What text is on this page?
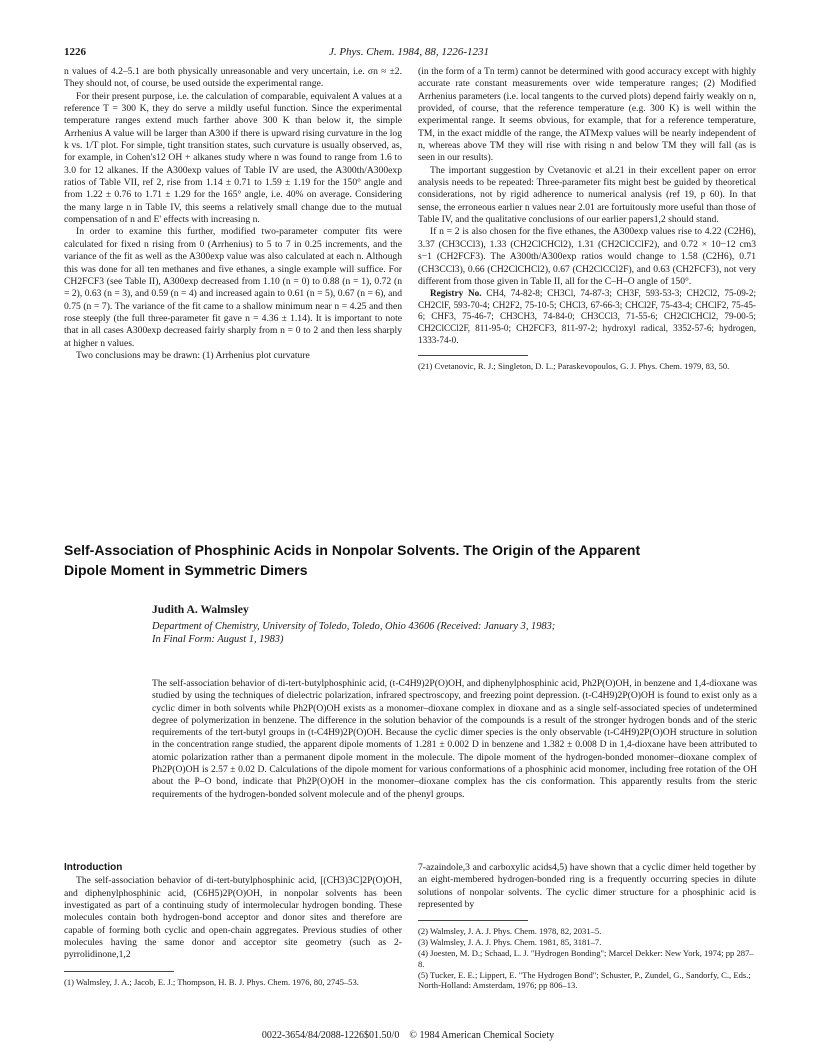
1226	J. Phys. Chem. 1984, 88, 1226-1231

n values of 4.2–5.1 are both physically unreasonable and very uncertain, i.e. σn ≈ ±2. They should not, of course, be used outside the experimental range.

For their present purpose, i.e. the calculation of comparable, equivalent A values at a reference T = 300 K, they do serve a mildly useful function. Since the experimental temperature ranges extend much farther above 300 K than below it, the simple Arrhenius A value will be larger than A300 if there is upward rising curvature in the log k vs. 1/T plot. For simple, tight transition states, such curvature is usually observed, as, for example, in Cohen's12 OH + alkanes study where n was found to range from 1.6 to 3.0 for 12 alkanes. If the A300exp values of Table IV are used, the A300th/A300exp ratios of Table VII, ref 2, rise from 1.14 ± 0.71 to 1.59 ± 1.19 for the 150° angle and from 1.22 ± 0.76 to 1.71 ± 1.29 for the 165° angle, i.e. 40% on average. Considering the many large n in Table IV, this seems a relatively small change due to the mutual compensation of n and E' effects with increasing n.

In order to examine this further, modified two-parameter computer fits were calculated for fixed n rising from 0 (Arrhenius) to 5 to 7 in 0.25 increments, and the variance of the fit as well as the A300exp value was also calculated at each n. Although this was done for all ten methanes and five ethanes, a single example will suffice. For CH2FCF3 (see Table II), A300exp decreased from 1.10 (n = 0) to 0.88 (n = 1), 0.72 (n = 2), 0.63 (n = 3), and 0.59 (n = 4) and increased again to 0.61 (n = 5), 0.67 (n = 6), and 0.75 (n = 7). The variance of the fit came to a shallow minimum near n = 4.25 and then rose steeply (the full three-parameter fit gave n = 4.36 ± 1.14). It is important to note that in all cases A300exp decreased fairly sharply from n = 0 to 2 and then less sharply at higher n values.

Two conclusions may be drawn: (1) Arrhenius plot curvature

(in the form of a Tn term) cannot be determined with good accuracy except with highly accurate rate constant measurements over wide temperature ranges; (2) Modified Arrhenius parameters (i.e. local tangents to the curved plots) depend fairly weakly on n, provided, of course, that the reference temperature (e.g. 300 K) is well within the experimental range. It seems obvious, for example, that for a reference temperature, TM, in the exact middle of the range, the ATMexp values will be nearly independent of n, whereas above TM they will rise with rising n and below TM they will fall (as is seen in our results).

The important suggestion by Cvetanovic et al.21 in their excellent paper on error analysis needs to be repeated: Three-parameter fits might best be guided by theoretical considerations, not by rigid adherence to numerical analysis (ref 19, p 60). In that sense, the erroneous earlier n values near 2.01 are fortuitously more useful than those of Table IV, and the qualitative conclusions of our earlier papers1,2 should stand.

If n = 2 is also chosen for the five ethanes, the A300exp values rise to 4.22 (C2H6), 3.37 (CH3CCl3), 1.33 (CH2ClCHCl2), 1.31 (CH2ClCClF2), and 0.72 × 10−12 cm3 s−1 (CH2FCF3). The A300th/A300exp ratios would change to 1.58 (C2H6), 0.71 (CH3CCl3), 0.66 (CH2ClCHCl2), 0.67 (CH2ClCCl2F), and 0.63 (CH2FCF3), not very different from those given in Table II, all for the C–H–O angle of 150°.

Registry No. CH4, 74-82-8; CH3Cl, 74-87-3; CH3F, 593-53-3; CH2Cl2, 75-09-2; CH2ClF, 593-70-4; CH2F2, 75-10-5; CHCl3, 67-66-3; CHCl2F, 75-43-4; CHClF2, 75-45-6; CHF3, 75-46-7; CH3CH3, 74-84-0; CH3CCl3, 71-55-6; CH2ClCHCl2, 79-00-5; CH2ClCCl2F, 811-95-0; CH2FCF3, 811-97-2; hydroxyl radical, 3352-57-6; hydrogen, 1333-74-0.

(21) Cvetanovic, R. J.; Singleton, D. L.; Paraskevopoulos, G. J. Phys. Chem. 1979, 83, 50.

Self-Association of Phosphinic Acids in Nonpolar Solvents. The Origin of the Apparent
Dipole Moment in Symmetric Dimers
Judith A. Walmsley
Department of Chemistry, University of Toledo, Toledo, Ohio 43606 (Received: January 3, 1983;
In Final Form: August 1, 1983)
The self-association behavior of di-tert-butylphosphinic acid, (t-C4H9)2P(O)OH, and diphenylphosphinic acid, Ph2P(O)OH, in benzene and 1,4-dioxane was studied by using the techniques of dielectric polarization, infrared spectroscopy, and freezing point depression. (t-C4H9)2P(O)OH is found to exist only as a cyclic dimer in both solvents while Ph2P(O)OH exists as a monomer–dioxane complex in dioxane and as a single self-associated species of undetermined degree of polymerization in benzene. The difference in the solution behavior of the compounds is a result of the stronger hydrogen bonds and of the steric requirements of the tert-butyl groups in (t-C4H9)2P(O)OH. Because the cyclic dimer species is the only observable (t-C4H9)2P(O)OH structure in solution in the concentration range studied, the apparent dipole moments of 1.281 ± 0.002 D in benzene and 1.382 ± 0.008 D in 1,4-dioxane have been attributed to atomic polarization rather than a permanent dipole moment in the molecule. The dipole moment of the hydrogen-bonded monomer–dioxane complex of Ph2P(O)OH is 2.57 ± 0.02 D. Calculations of the dipole moment for various conformations of a phosphinic acid monomer, including free rotation of the OH about the P–O bond, indicate that Ph2P(O)OH in the monomer–dioxane complex has the cis conformation. This apparently results from the steric requirements of the hydrogen-bonded solvent molecule and of the phenyl groups.
Introduction

The self-association behavior of di-tert-butylphosphinic acid, [(CH3)3C]2P(O)OH, and diphenylphosphinic acid, (C6H5)2P(O)OH, in nonpolar solvents has been investigated as part of a continuing study of intermolecular hydrogen bonding. These molecules contain both hydrogen-bond acceptor and donor sites and therefore are capable of forming both cyclic and open-chain aggregates. Previous studies of other molecules having the same donor and acceptor site geometry (such as 2-pyrrolidinone,1,2

(1) Walmsley, J. A.; Jacob, E. J.; Thompson, H. B. J. Phys. Chem. 1976, 80, 2745–53.

7-azaindole,3 and carboxylic acids4,5) have shown that a cyclic dimer held together by an eight-membered hydrogen-bonded ring is a frequently occurring species in dilute solutions of nonpolar solvents. The cyclic dimer structure for a phosphinic acid is represented by

(2) Walmsley, J. A. J. Phys. Chem. 1978, 82, 2031–5.

(3) Walmsley, J. A. J. Phys. Chem. 1981, 85, 3181–7.

(4) Joesten, M. D.; Schaad, L. J. "Hydrogen Bonding"; Marcel Dekker: New York, 1974; pp 287–8.

(5) Tucker, E. E.; Lippert, E. "The Hydrogen Bond"; Schuster, P., Zundel, G., Sandorfy, C., Eds.; North-Holland: Amsterdam, 1976; pp 806–13.

0022-3654/84/2088-1226$01.50/0 © 1984 American Chemical Society
